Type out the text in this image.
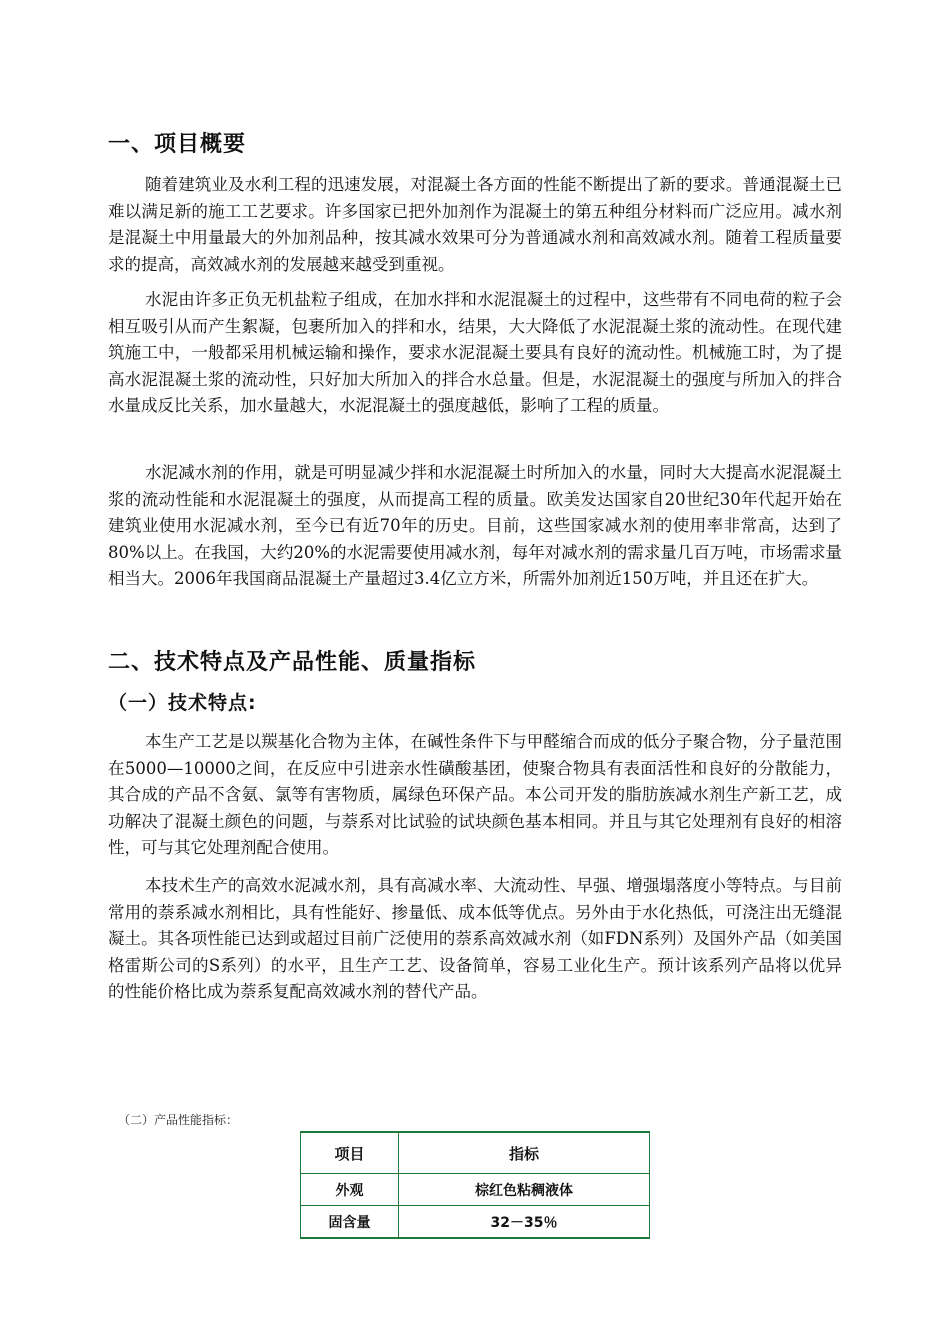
一、项目概要

随着建筑业及水利工程的迅速发展，对混凝土各方面的性能不断提出了新的要求。普通混凝土已难以满足新的施工工艺要求。许多国家已把外加剂作为混凝土的第五种组分材料而广泛应用。减水剂是混凝土中用量最大的外加剂品种，按其减水效果可分为普通减水剂和高效减水剂。随着工程质量要求的提高，高效减水剂的发展越来越受到重视。

水泥由许多正负无机盐粒子组成，在加水拌和水泥混凝土的过程中，这些带有不同电荷的粒子会相互吸引从而产生絮凝，包裹所加入的拌和水，结果，大大降低了水泥混凝土浆的流动性。在现代建筑施工中，一般都采用机械运输和操作，要求水泥混凝土要具有良好的流动性。机械施工时，为了提高水泥混凝土浆的流动性，只好加大所加入的拌合水总量。但是，水泥混凝土的强度与所加入的拌合水量成反比关系，加水量越大，水泥混凝土的强度越低，影响了工程的质量。

水泥减水剂的作用，就是可明显减少拌和水泥混凝土时所加入的水量，同时大大提高水泥混凝土浆的流动性能和水泥混凝土的强度，从而提高工程的质量。欧美发达国家自20世纪30年代起开始在建筑业使用水泥减水剂，至今已有近70年的历史。目前，这些国家减水剂的使用率非常高，达到了80%以上。在我国，大约20%的水泥需要使用减水剂，每年对减水剂的需求量几百万吨，市场需求量相当大。2006年我国商品混凝土产量超过3.4亿立方米，所需外加剂近150万吨，并且还在扩大。

二、技术特点及产品性能、质量指标
（一）技术特点:

本生产工艺是以羰基化合物为主体，在碱性条件下与甲醛缩合而成的低分子聚合物，分子量范围在5000—10000之间，在反应中引进亲水性磺酸基团，使聚合物具有表面活性和良好的分散能力，其合成的产品不含氨、氯等有害物质，属绿色环保产品。本公司开发的脂肪族减水剂生产新工艺，成功解决了混凝土颜色的问题，与萘系对比试验的试块颜色基本相同。并且与其它处理剂有良好的相溶性，可与其它处理剂配合使用。

本技术生产的高效水泥减水剂，具有高减水率、大流动性、早强、增强塌落度小等特点。与目前常用的萘系减水剂相比，具有性能好、掺量低、成本低等优点。另外由于水化热低，可浇注出无缝混凝土。其各项性能已达到或超过目前广泛使用的萘系高效减水剂（如FDN系列）及国外产品（如美国格雷斯公司的S系列）的水平，且生产工艺、设备简单，容易工业化生产。预计该系列产品将以优异的性能价格比成为萘系复配高效减水剂的替代产品。

（二）产品性能指标：

项目	指标
外观	棕红色粘稠液体
固含量	32－35％
